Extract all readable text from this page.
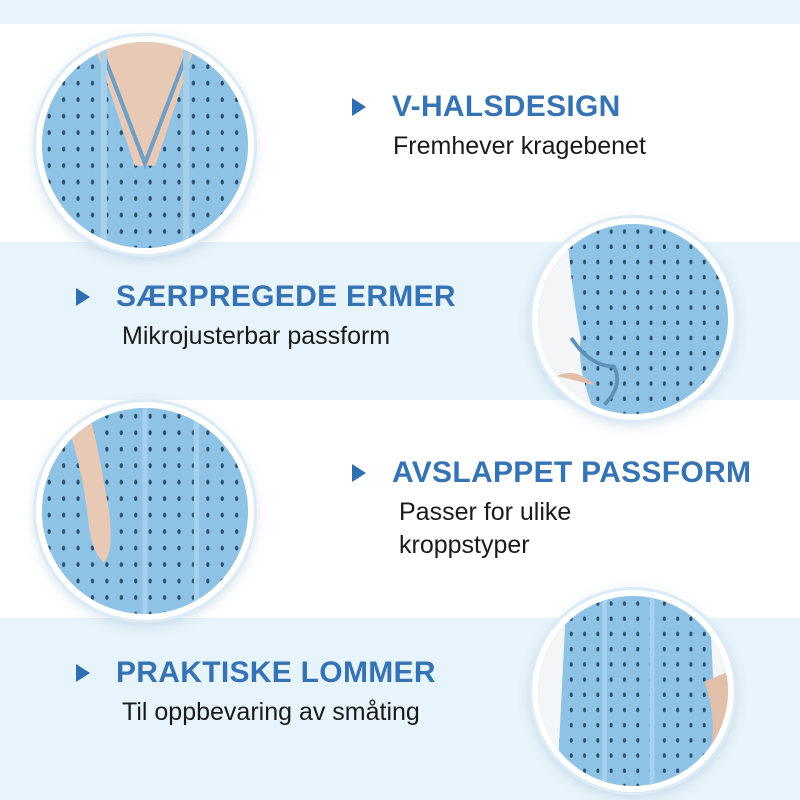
V-HALSDESIGN
Fremhever kragebenet
SÆRPREGEDE ERMER
Mikrojusterbar passform
AVSLAPPET PASSFORM
Passer for ulike kroppstyper
PRAKTISKE LOMMER
Til oppbevaring av småting
